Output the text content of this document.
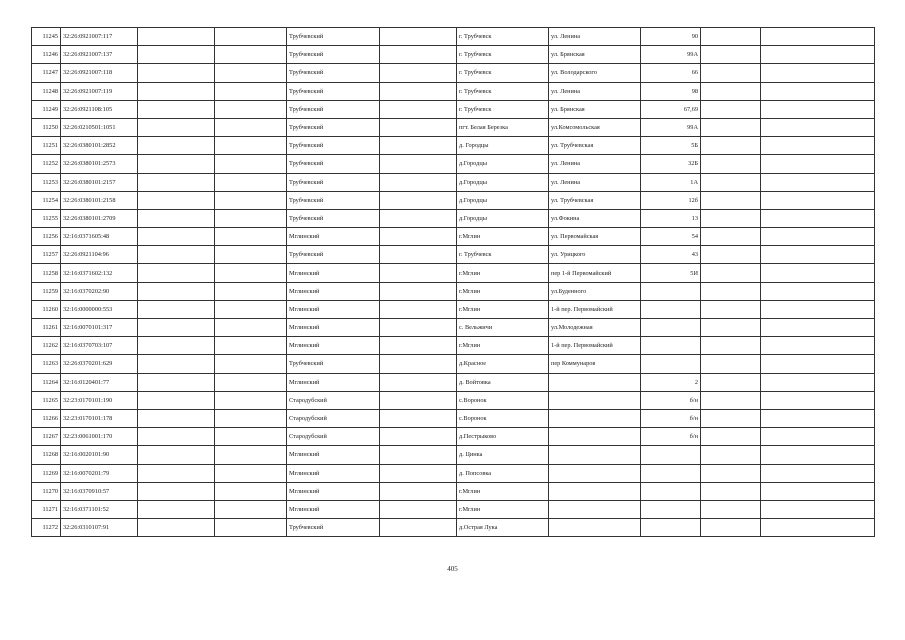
11245	32:26:0921007:117			Трубчевский		г. Трубчевск	ул. Ленина	90		
11246	32:26:0921007:137			Трубчевский		г. Трубчевск	ул. Брянская	99А		
11247	32:26:0921007:118			Трубчевский		г. Трубчевск	ул. Володарского	66		
11248	32:26:0921007:119			Трубчевский		г. Трубчевск	ул. Ленина	98		
11249	32:26:0921108:105			Трубчевский		г. Трубчевск	ул. Брянская	67,69		
11250	32:26:0210501:1051			Трубчевский		пгт. Белая Березка	ул.Комсомольская	99А		
11251	32:26:0380101:2852			Трубчевский		д. Городцы	ул. Трубчевская	5Б		
11252	32:26:0380101:2573			Трубчевский		д.Городцы	ул. Ленина	32Б		
11253	32:26:0380101:2157			Трубчевский		д.Городцы	ул. Ленина	1А		
11254	32:26:0380101:2158			Трубчевский		д.Городцы	ул. Трубчевская	12б		
11255	32:26:0380101:2709			Трубчевский		д.Городцы	ул.Фокина	13		
11256	32:16:0371605:48			Мглинский		г.Мглин	ул. Первомайская	54		
11257	32:26:0921104:96			Трубчевский		г. Трубчевск	ул. Урицкого	43		
11258	32:16:0371602:132			Мглинский		г.Мглин	пер 1-й Первомайский	5И		
11259	32:16:0370202:90			Мглинский		г.Мглин	ул.Буденного			
11260	32:16:0000000:553			Мглинский		г.Мглин	1-й пер. Первомайский			
11261	32:16:0070101:317			Мглинский		с. Вельжичи	ул.Молодежная			
11262	32:16:0370703:107			Мглинский		г.Мглин	1-й пер. Первомайский			
11263	32:26:0370201:629			Трубчевский		д.Красное	пер Коммунаров			
11264	32:16:0120401:77			Мглинский		д. Войтовка		2		
11265	32:23:0170101:190			Стародубский		с.Воронок		б/н		
11266	32:23:0170101:178			Стародубский		с.Воронок		б/н		
11267	32:23:0061001:170			Стародубский		д.Пестрыково		б/н		
11268	32:16:0020101:90			Мглинский		д. Цинка				
11269	32:16:0070201:79			Мглинский		д. Попсовка				
11270	32:16:0370910:57			Мглинский		г.Мглин				
11271	32:16:0371101:52			Мглинский		г.Мглин				
11272	32:26:0310107:91			Трубчевский		д.Острая Лука				
405
